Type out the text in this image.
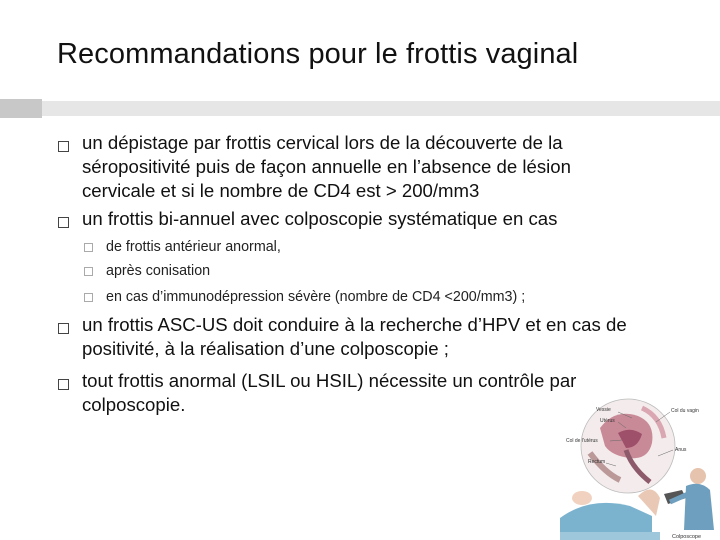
Recommandations pour le frottis vaginal
un dépistage par frottis cervical lors de la découverte de la
séropositivité puis de façon annuelle en l’absence de lésion
cervicale et si le nombre de CD4 est > 200/mm3
un frottis bi-annuel avec colposcopie systématique en cas
de frottis antérieur anormal,
après conisation
en cas d’immunodépression sévère (nombre de CD4 <200/mm3) ;
un frottis ASC-US doit conduire à la recherche d’HPV et en cas de
positivité, à la réalisation d’une colposcopie ;
tout frottis anormal (LSIL ou HSIL) nécessite un contrôle par
colposcopie.	Vessie	Col du vagin
Utérus
Col de l'utérus
Rectum
Anus
Colposcope
